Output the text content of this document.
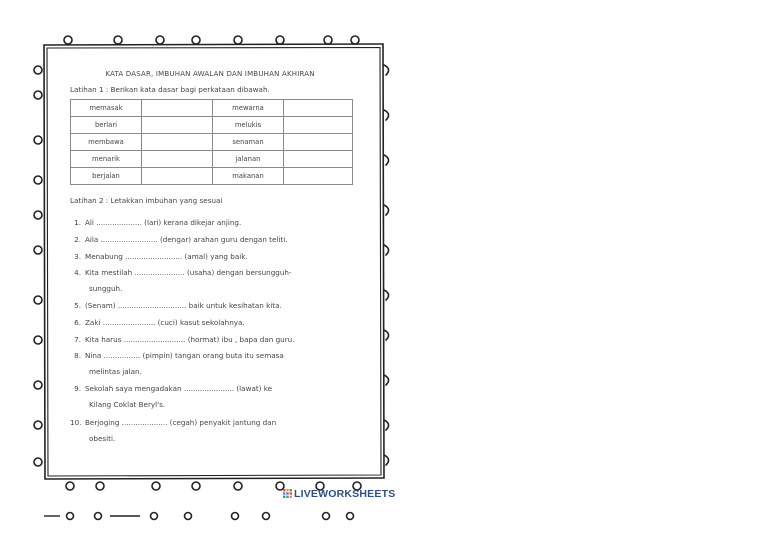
KATA DASAR, IMBUHAN AWALAN DAN IMBUHAN AKHIRAN
Latihan 1 : Berikan kata dasar bagi perkataan dibawah.
memasak		mewarna	
berlari		melukis	
membawa		senaman	
menarik		jalanan	
berjalan		makanan	
Latihan 2 : Letakkan imbuhan yang sesuai
1. Ali .................... (lari) kerana dikejar anjing.
2. Aila ......................... (dengar) arahan guru dengan teliti.
3. Menabung ......................... (amal) yang baik.
4. Kita mestilah ...................... (usaha) dengan bersungguh-
sungguh.
5. (Senam) .............................. baik untuk kesihatan kita.
6. Zaki ....................... (cuci) kasut sekolahnya.
7. Kita harus ........................... (hormat) ibu , bapa dan guru.
8. Nina ................ (pimpin) tangan orang buta itu semasa
melintas jalan.
9. Sekolah saya mengadakan ...................... (lawat) ke
Kilang Coklat Beryl's.
10. Berjoging .................... (cegah) penyakit jantung dan
obesiti.
LIVEWORKSHEETS
